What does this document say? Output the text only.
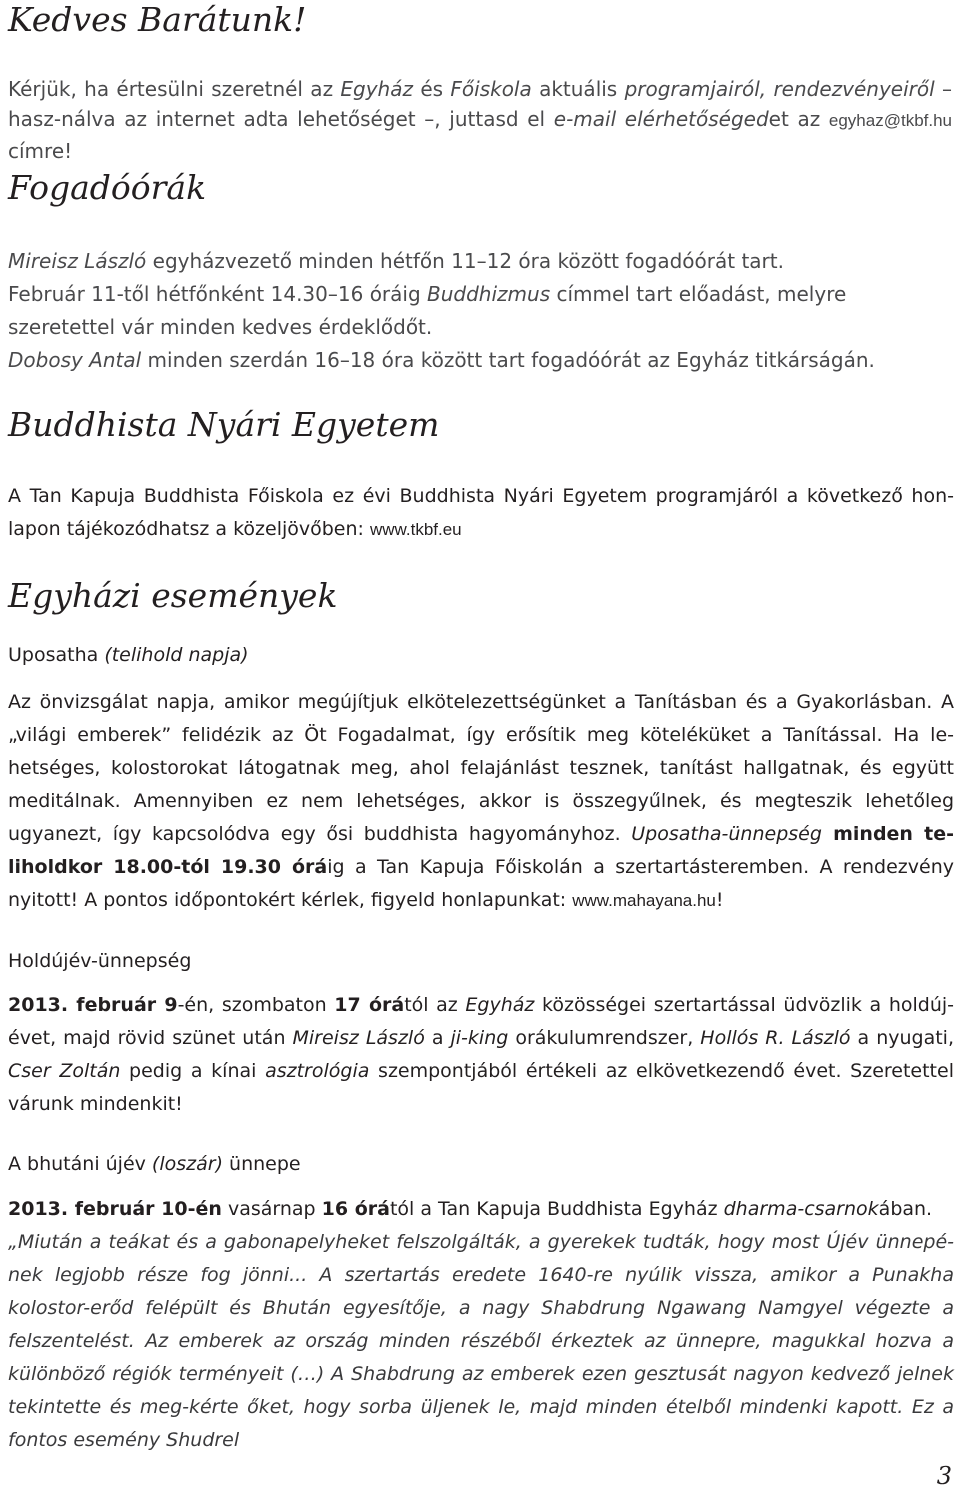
Kedves Barátunk!

Kérjük, ha értesülni szeretnél az Egyház és Főiskola aktuális programjairól, rendezvényeiről – hasz-nálva az internet adta lehetőséget –, juttasd el e-mail elérhetőségedet az egyhaz@tkbf.hu címre!

Fogadóórák
Mireisz László egyházvezető minden hétfőn 11–12 óra között fogadóórát tart.
Február 11-től hétfőnként 14.30–16 óráig Buddhizmus címmel tart előadást, melyre szeretettel vár minden kedves érdeklődőt.
Dobosy Antal minden szerdán 16–18 óra között tart fogadóórát az Egyház titkárságán.
Buddhista Nyári Egyetem

A Tan Kapuja Buddhista Főiskola ez évi Buddhista Nyári Egyetem programjáról a következő hon-lapon tájékozódhatsz a közeljövőben: www.tkbf.eu

Egyházi események
Uposatha (telihold napja)

Az önvizsgálat napja, amikor megújítjuk elkötelezettségünket a Tanításban és a Gyakorlásban. A „világi emberek” felidézik az Öt Fogadalmat, így erősítik meg köteléküket a Tanítással. Ha le-hetséges, kolostorokat látogatnak meg, ahol felajánlást tesznek, tanítást hallgatnak, és együtt meditálnak. Amennyiben ez nem lehetséges, akkor is összegyűlnek, és megteszik lehetőleg ugyanezt, így kapcsolódva egy ősi buddhista hagyományhoz. Uposatha-ünnepség minden te-liholdkor 18.00-tól 19.30 óráig a Tan Kapuja Főiskolán a szertartásteremben. A rendezvény nyitott! A pontos időpontokért kérlek, figyeld honlapunkat: www.mahayana.hu!

Holdújév-ünnepség

2013. február 9-én, szombaton 17 órától az Egyház közösségei szertartással üdvözlik a holdúj-évet, majd rövid szünet után Mireisz László a ji-king orákulumrendszer, Hollós R. László a nyugati, Cser Zoltán pedig a kínai asztrológia szempontjából értékeli az elkövetkezendő évet. Szeretettel várunk mindenkit!

A bhutáni újév (loszár) ünnepe

2013. február 10-én vasárnap 16 órától a Tan Kapuja Buddhista Egyház dharma-csarnokában.

„Miután a teákat és a gabonapelyheket felszolgálták, a gyerekek tudták, hogy most Újév ünnepé-nek legjobb része fog jönni... A szertartás eredete 1640-re nyúlik vissza, amikor a Punakha kolostor-erőd felépült és Bhután egyesítője, a nagy Shabdrung Ngawang Namgyel végezte a felszentelést. Az emberek az ország minden részéből érkeztek az ünnepre, magukkal hozva a különböző régiók terményeit (…) A Shabdrung az emberek ezen gesztusát nagyon kedvező jelnek tekintette és meg-kérte őket, hogy sorba üljenek le, majd minden ételből mindenki kapott. Ez a fontos esemény Shudrel

3
